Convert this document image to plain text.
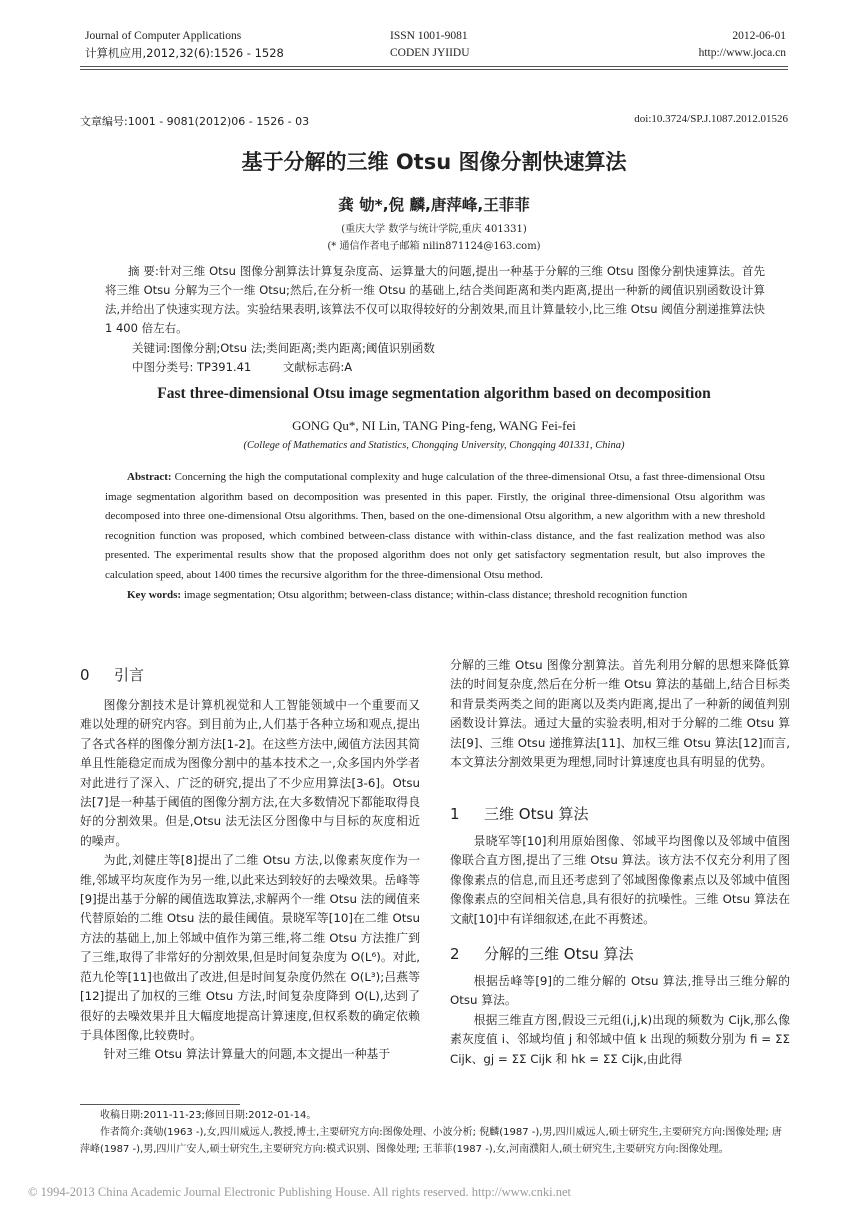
Journal of Computer Applications
计算机应用,2012,32(6):1526 - 1528
ISSN 1001-9081
CODEN JYIIDU
2012-06-01
http://www.joca.cn
文章编号:1001 - 9081(2012)06 - 1526 - 03	doi:10.3724/SP.J.1087.2012.01526
基于分解的三维 Otsu 图像分割快速算法
龚 劬*,倪 麟,唐萍峰,王菲菲
(重庆大学 数学与统计学院,重庆 401331)
(* 通信作者电子邮箱 nilin871124@163.com)

摘 要:针对三维 Otsu 图像分割算法计算复杂度高、运算量大的问题,提出一种基于分解的三维 Otsu 图像分割快速算法。首先将三维 Otsu 分解为三个一维 Otsu;然后,在分析一维 Otsu 的基础上,结合类间距离和类内距离,提出一种新的阈值识别函数设计算法,并给出了快速实现方法。实验结果表明,该算法不仅可以取得较好的分割效果,而且计算量较小,比三维 Otsu 阈值分割递推算法快 1 400 倍左右。

关键词:图像分割;Otsu 法;类间距离;类内距离;阈值识别函数
中图分类号: TP391.41	文献标志码:A
Fast three-dimensional Otsu image segmentation algorithm based on decomposition
GONG Qu*, NI Lin, TANG Ping-feng, WANG Fei-fei
(College of Mathematics and Statistics, Chongqing University, Chongqing 401331, China)

Abstract: Concerning the high the computational complexity and huge calculation of the three-dimensional Otsu, a fast three-dimensional Otsu image segmentation algorithm based on decomposition was presented in this paper. Firstly, the original three-dimensional Otsu algorithm was decomposed into three one-dimensional Otsu algorithms. Then, based on the one-dimensional Otsu algorithm, a new algorithm with a new threshold recognition function was proposed, which combined between-class distance with within-class distance, and the fast realization method was also presented. The experimental results show that the proposed algorithm does not only get satisfactory segmentation result, but also improves the calculation speed, about 1400 times the recursive algorithm for the three-dimensional Otsu method.

Key words: image segmentation; Otsu algorithm; between-class distance; within-class distance; threshold recognition function

0 引言

图像分割技术是计算机视觉和人工智能领域中一个重要而又难以处理的研究内容。到目前为止,人们基于各种立场和观点,提出了各式各样的图像分割方法[1-2]。在这些方法中,阈值方法因其简单且性能稳定而成为图像分割中的基本技术之一,众多国内外学者对此进行了深入、广泛的研究,提出了不少应用算法[3-6]。Otsu 法[7]是一种基于阈值的图像分割方法,在大多数情况下都能取得良好的分割效果。但是,Otsu 法无法区分图像中与目标的灰度相近的噪声。

为此,刘健庄等[8]提出了二维 Otsu 方法,以像素灰度作为一维,邻域平均灰度作为另一维,以此来达到较好的去噪效果。岳峰等[9]提出基于分解的阈值选取算法,求解两个一维 Otsu 法的阈值来代替原始的二维 Otsu 法的最佳阈值。景晓军等[10]在二维 Otsu 方法的基础上,加上邻域中值作为第三维,将二维 Otsu 方法推广到了三维,取得了非常好的分割效果,但是时间复杂度为 O(L⁶)。对此,范九伦等[11]也做出了改进,但是时间复杂度仍然在 O(L³);吕燕等[12]提出了加权的三维 Otsu 方法,时间复杂度降到 O(L),达到了很好的去噪效果并且大幅度地提高计算速度,但权系数的确定依赖于具体图像,比较费时。

针对三维 Otsu 算法计算量大的问题,本文提出一种基于

分解的三维 Otsu 图像分割算法。首先利用分解的思想来降低算法的时间复杂度,然后在分析一维 Otsu 算法的基础上,结合目标类和背景类两类之间的距离以及类内距离,提出了一种新的阈值判别函数设计算法。通过大量的实验表明,相对于分解的二维 Otsu 算法[9]、三维 Otsu 递推算法[11]、加权三维 Otsu 算法[12]而言,本文算法分割效果更为理想,同时计算速度也具有明显的优势。

1 三维 Otsu 算法

景晓军等[10]利用原始图像、邻域平均图像以及邻域中值图像联合直方图,提出了三维 Otsu 算法。该方法不仅充分利用了图像像素点的信息,而且还考虑到了邻域图像像素点以及邻域中值图像像素点的空间相关信息,具有很好的抗噪性。三维 Otsu 算法在文献[10]中有详细叙述,在此不再赘述。

2 分解的三维 Otsu 算法

根据岳峰等[9]的二维分解的 Otsu 算法,推导出三维分解的 Otsu 算法。

根据三维直方图,假设三元组(i,j,k)出现的频数为 Cijk,那么像素灰度值 i、邻域均值 j 和邻域中值 k 出现的频数分别为 fi = ΣΣ Cijk、gj = ΣΣ Cijk 和 hk = ΣΣ Cijk,由此得

收稿日期:2011-11-23;修回日期:2012-01-14。

作者简介:龚劬(1963 -),女,四川威远人,教授,博士,主要研究方向:图像处理、小波分析; 倪麟(1987 -),男,四川威远人,硕士研究生,主要研究方向:图像处理; 唐萍峰(1987 -),男,四川广安人,硕士研究生,主要研究方向:模式识别、图像处理; 王菲菲(1987 -),女,河南濮阳人,硕士研究生,主要研究方向:图像处理。

© 1994-2013 China Academic Journal Electronic Publishing House. All rights reserved. http://www.cnki.net
